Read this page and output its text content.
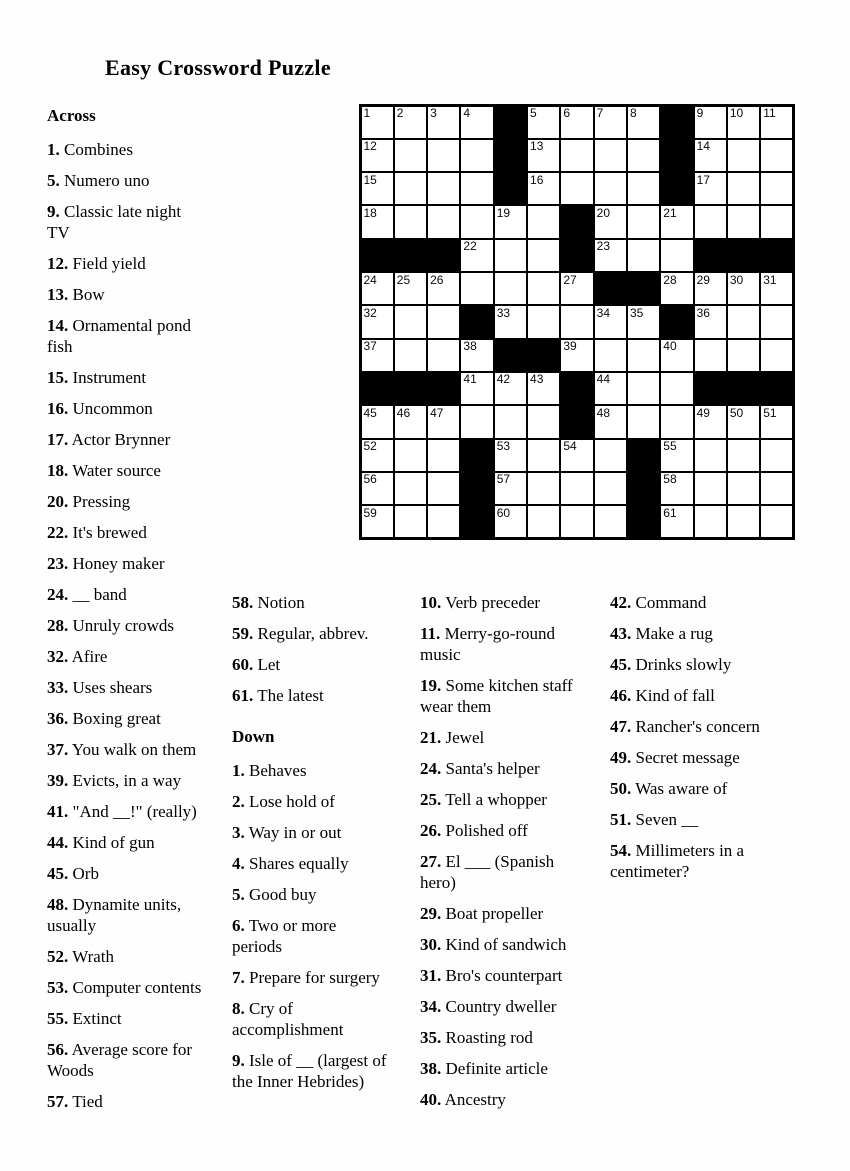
Easy Crossword Puzzle
1 2 3 4	5 6 7 8	9 10 11
12	13	14
15	16	17
18	19	20	21
22	23
24 25 26	27	28 29 30 31
32	33	34 35	36
37	38	39	40
41 42 43	44
45 46 47	48	49 50 51
52	53	54	55
56	57	58
59	60	61
Across
1. Combines
5. Numero uno
9. Classic late night TV
12. Field yield
13. Bow
14. Ornamental pond fish
15. Instrument
16. Uncommon
17. Actor Brynner
18. Water source
20. Pressing
22. It's brewed
23. Honey maker
24. __ band
28. Unruly crowds
32. Afire
33. Uses shears
36. Boxing great
37. You walk on them
39. Evicts, in a way
41. "And __!" (really)
44. Kind of gun
45. Orb
48. Dynamite units, usually
52. Wrath
53. Computer contents
55. Extinct
56. Average score for Woods
57. Tied
58. Notion
59. Regular, abbrev.
60. Let
61. The latest
Down
1. Behaves
2. Lose hold of
3. Way in or out
4. Shares equally
5. Good buy
6. Two or more periods
7. Prepare for surgery
8. Cry of accomplishment
9. Isle of __ (largest of the Inner Hebrides)
10. Verb preceder
11. Merry-go-round music
19. Some kitchen staff wear them
21. Jewel
24. Santa's helper
25. Tell a whopper
26. Polished off
27. El ___ (Spanish hero)
29. Boat propeller
30. Kind of sandwich
31. Bro's counterpart
34. Country dweller
35. Roasting rod
38. Definite article
40. Ancestry
42. Command
43. Make a rug
45. Drinks slowly
46. Kind of fall
47. Rancher's concern
49. Secret message
50. Was aware of
51. Seven __
54. Millimeters in a centimeter?
